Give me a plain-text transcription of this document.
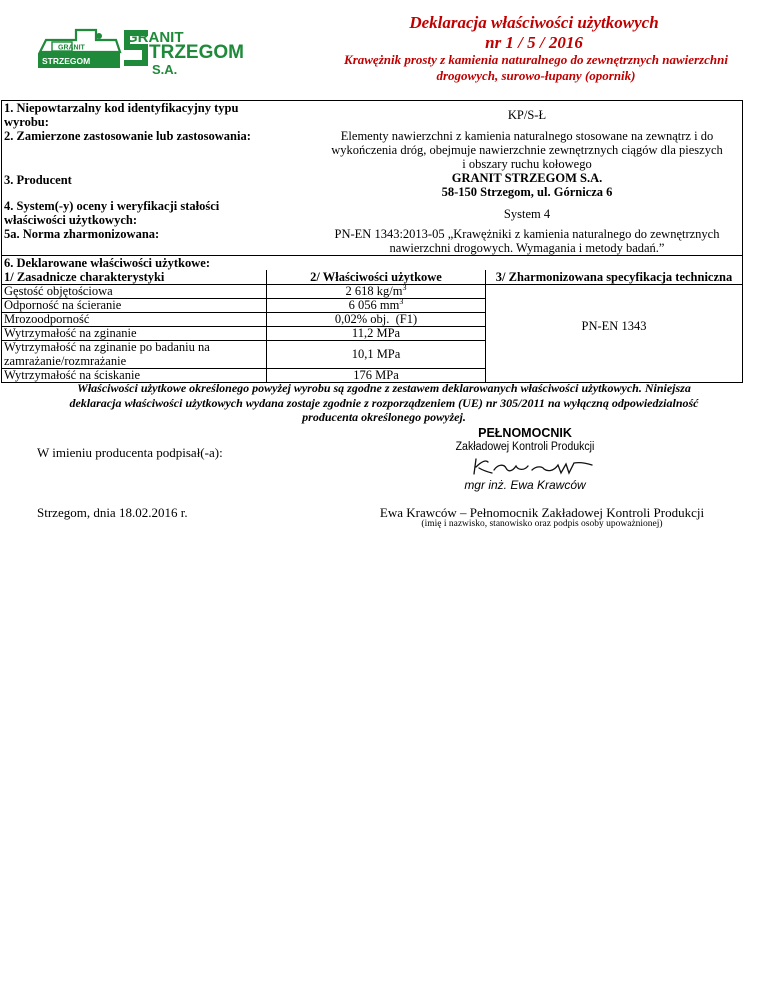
GRANIT
STRZEGOM
GRANIT
TRZEGOM
S.A.
Deklaracja właściwości użytkowych
nr 1 / 5 / 2016
Krawężnik prosty z kamienia naturalnego do zewnętrznych nawierzchni
drogowych, surowo-łupany (opornik)
1. Niepowtarzalny kod identyfikacyjny typu
wyrobu:	KP/S-Ł
2. Zamierzone zastosowanie lub zastosowania:	Elementy nawierzchni z kamienia naturalnego stosowane na zewnątrz i do
wykończenia dróg, obejmuje nawierzchnie zewnętrznych ciągów dla pieszych
i obszary ruchu kołowego
3. Producent	GRANIT STRZEGOM S.A.
58-150 Strzegom, ul. Górnicza 6
4. System(-y) oceny i weryfikacji stałości
właściwości użytkowych:	System 4
5a. Norma zharmonizowana:	PN-EN 1343:2013-05 „Krawężniki z kamienia naturalnego do zewnętrznych
nawierzchni drogowych. Wymagania i metody badań.”
6. Deklarowane właściwości użytkowe:
1/ Zasadnicze charakterystyki	2/ Właściwości użytkowe	3/ Zharmonizowana specyfikacja techniczna
Gęstość objętościowa	2 618 $kg/m^3$
Odporność na ścieranie	6 056 $mm^3$
Mrozoodporność	0,02% obj.  (F1)
Wytrzymałość na zginanie	11,2 MPa
Wytrzymałość na zginanie po badaniu na
zamrażanie/rozmrażanie	10,1 MPa
Wytrzymałość na ściskanie	176 MPa
PN-EN 1343
Właściwości użytkowe określonego powyżej wyrobu są zgodne z zestawem deklarowanych właściwości użytkowych. Niniejsza
deklaracja właściwości użytkowych wydana zostaje zgodnie z rozporządzeniem (UE) nr 305/2011 na wyłączną odpowiedzialność
producenta określonego powyżej.
W imieniu producenta podpisał(-a):
PEŁNOMOCNIK
Zakładowej Kontroli Produkcji
mgr inż. Ewa Krawców
Strzegom, dnia 18.02.2016 r.	Ewa Krawców – Pełnomocnik Zakładowej Kontroli Produkcji
(imię i nazwisko, stanowisko oraz podpis osoby upoważnionej)
